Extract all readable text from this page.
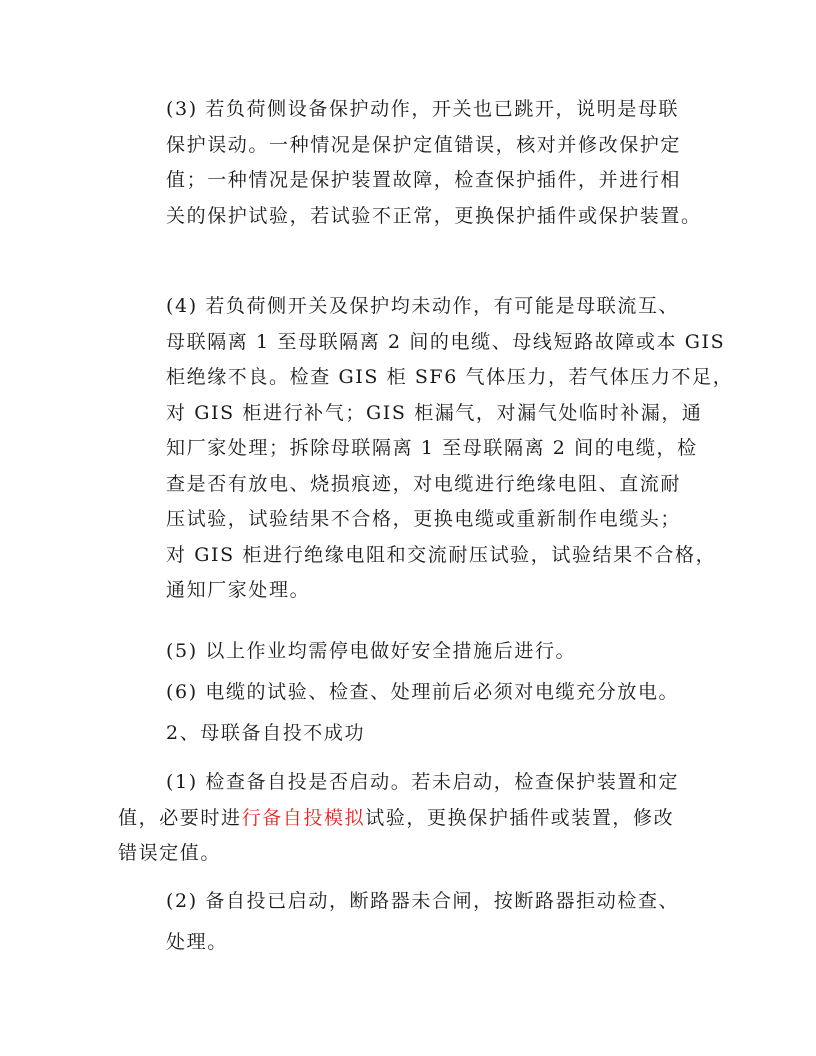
(3) 若负荷侧设备保护动作，开关也已跳开，说明是母联
保护误动。一种情况是保护定值错误，核对并修改保护定
值；一种情况是保护装置故障，检查保护插件，并进行相
关的保护试验，若试验不正常，更换保护插件或保护装置。
(4) 若负荷侧开关及保护均未动作，有可能是母联流互、
母联隔离 1 至母联隔离 2 间的电缆、母线短路故障或本 GIS
柜绝缘不良。检查 GIS 柜 SF6 气体压力，若气体压力不足，
对 GIS 柜进行补气；GIS 柜漏气，对漏气处临时补漏，通
知厂家处理；拆除母联隔离 1 至母联隔离 2 间的电缆，检
查是否有放电、烧损痕迹，对电缆进行绝缘电阻、直流耐
压试验，试验结果不合格，更换电缆或重新制作电缆头；
对 GIS 柜进行绝缘电阻和交流耐压试验，试验结果不合格，
通知厂家处理。
(5) 以上作业均需停电做好安全措施后进行。
(6) 电缆的试验、检查、处理前后必须对电缆充分放电。
2、母联备自投不成功
(1) 检查备自投是否启动。若未启动，检查保护装置和定
值，必要时进行备自投模拟试验，更换保护插件或装置，修改
错误定值。
(2) 备自投已启动，断路器未合闸，按断路器拒动检查、
处理。
